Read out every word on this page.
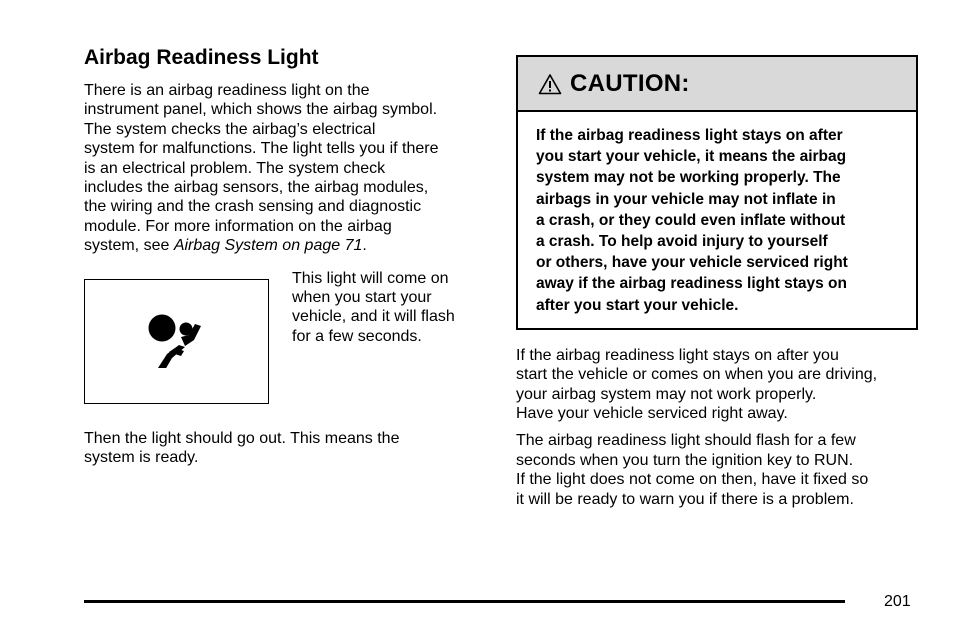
Airbag Readiness Light

There is an airbag readiness light on the
instrument panel, which shows the airbag symbol.
The system checks the airbag’s electrical
system for malfunctions. The light tells you if there
is an electrical problem. The system check
includes the airbag sensors, the airbag modules,
the wiring and the crash sensing and diagnostic
module. For more information on the airbag
system, see Airbag System on page 71.

This light will come on
when you start your
vehicle, and it will flash
for a few seconds.

Then the light should go out. This means the
system is ready.

CAUTION:
If the airbag readiness light stays on after
you start your vehicle, it means the airbag
system may not be working properly. The
airbags in your vehicle may not inflate in
a crash, or they could even inflate without
a crash. To help avoid injury to yourself
or others, have your vehicle serviced right
away if the airbag readiness light stays on
after you start your vehicle.

If the airbag readiness light stays on after you
start the vehicle or comes on when you are driving,
your airbag system may not work properly.
Have your vehicle serviced right away.

The airbag readiness light should flash for a few
seconds when you turn the ignition key to RUN.
If the light does not come on then, have it fixed so
it will be ready to warn you if there is a problem.

201
